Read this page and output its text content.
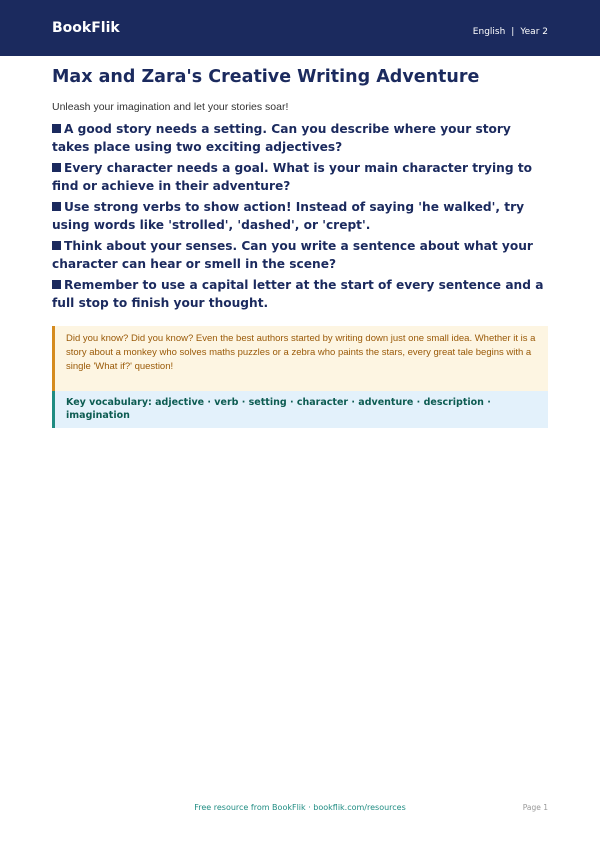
BookFlik	English | Year 2
Max and Zara's Creative Writing Adventure
Unleash your imagination and let your stories soar!
A good story needs a setting. Can you describe where your story takes place using two exciting adjectives?
Every character needs a goal. What is your main character trying to find or achieve in their adventure?
Use strong verbs to show action! Instead of saying 'he walked', try using words like 'strolled', 'dashed', or 'crept'.
Think about your senses. Can you write a sentence about what your character can hear or smell in the scene?
Remember to use a capital letter at the start of every sentence and a full stop to finish your thought.
Did you know? Did you know? Even the best authors started by writing down just one small idea. Whether it is a story about a monkey who solves maths puzzles or a zebra who paints the stars, every great tale begins with a single 'What if?' question!
Key vocabulary: adjective · verb · setting · character · adventure · description · imagination
Free resource from BookFlik · bookflik.com/resources	Page 1
